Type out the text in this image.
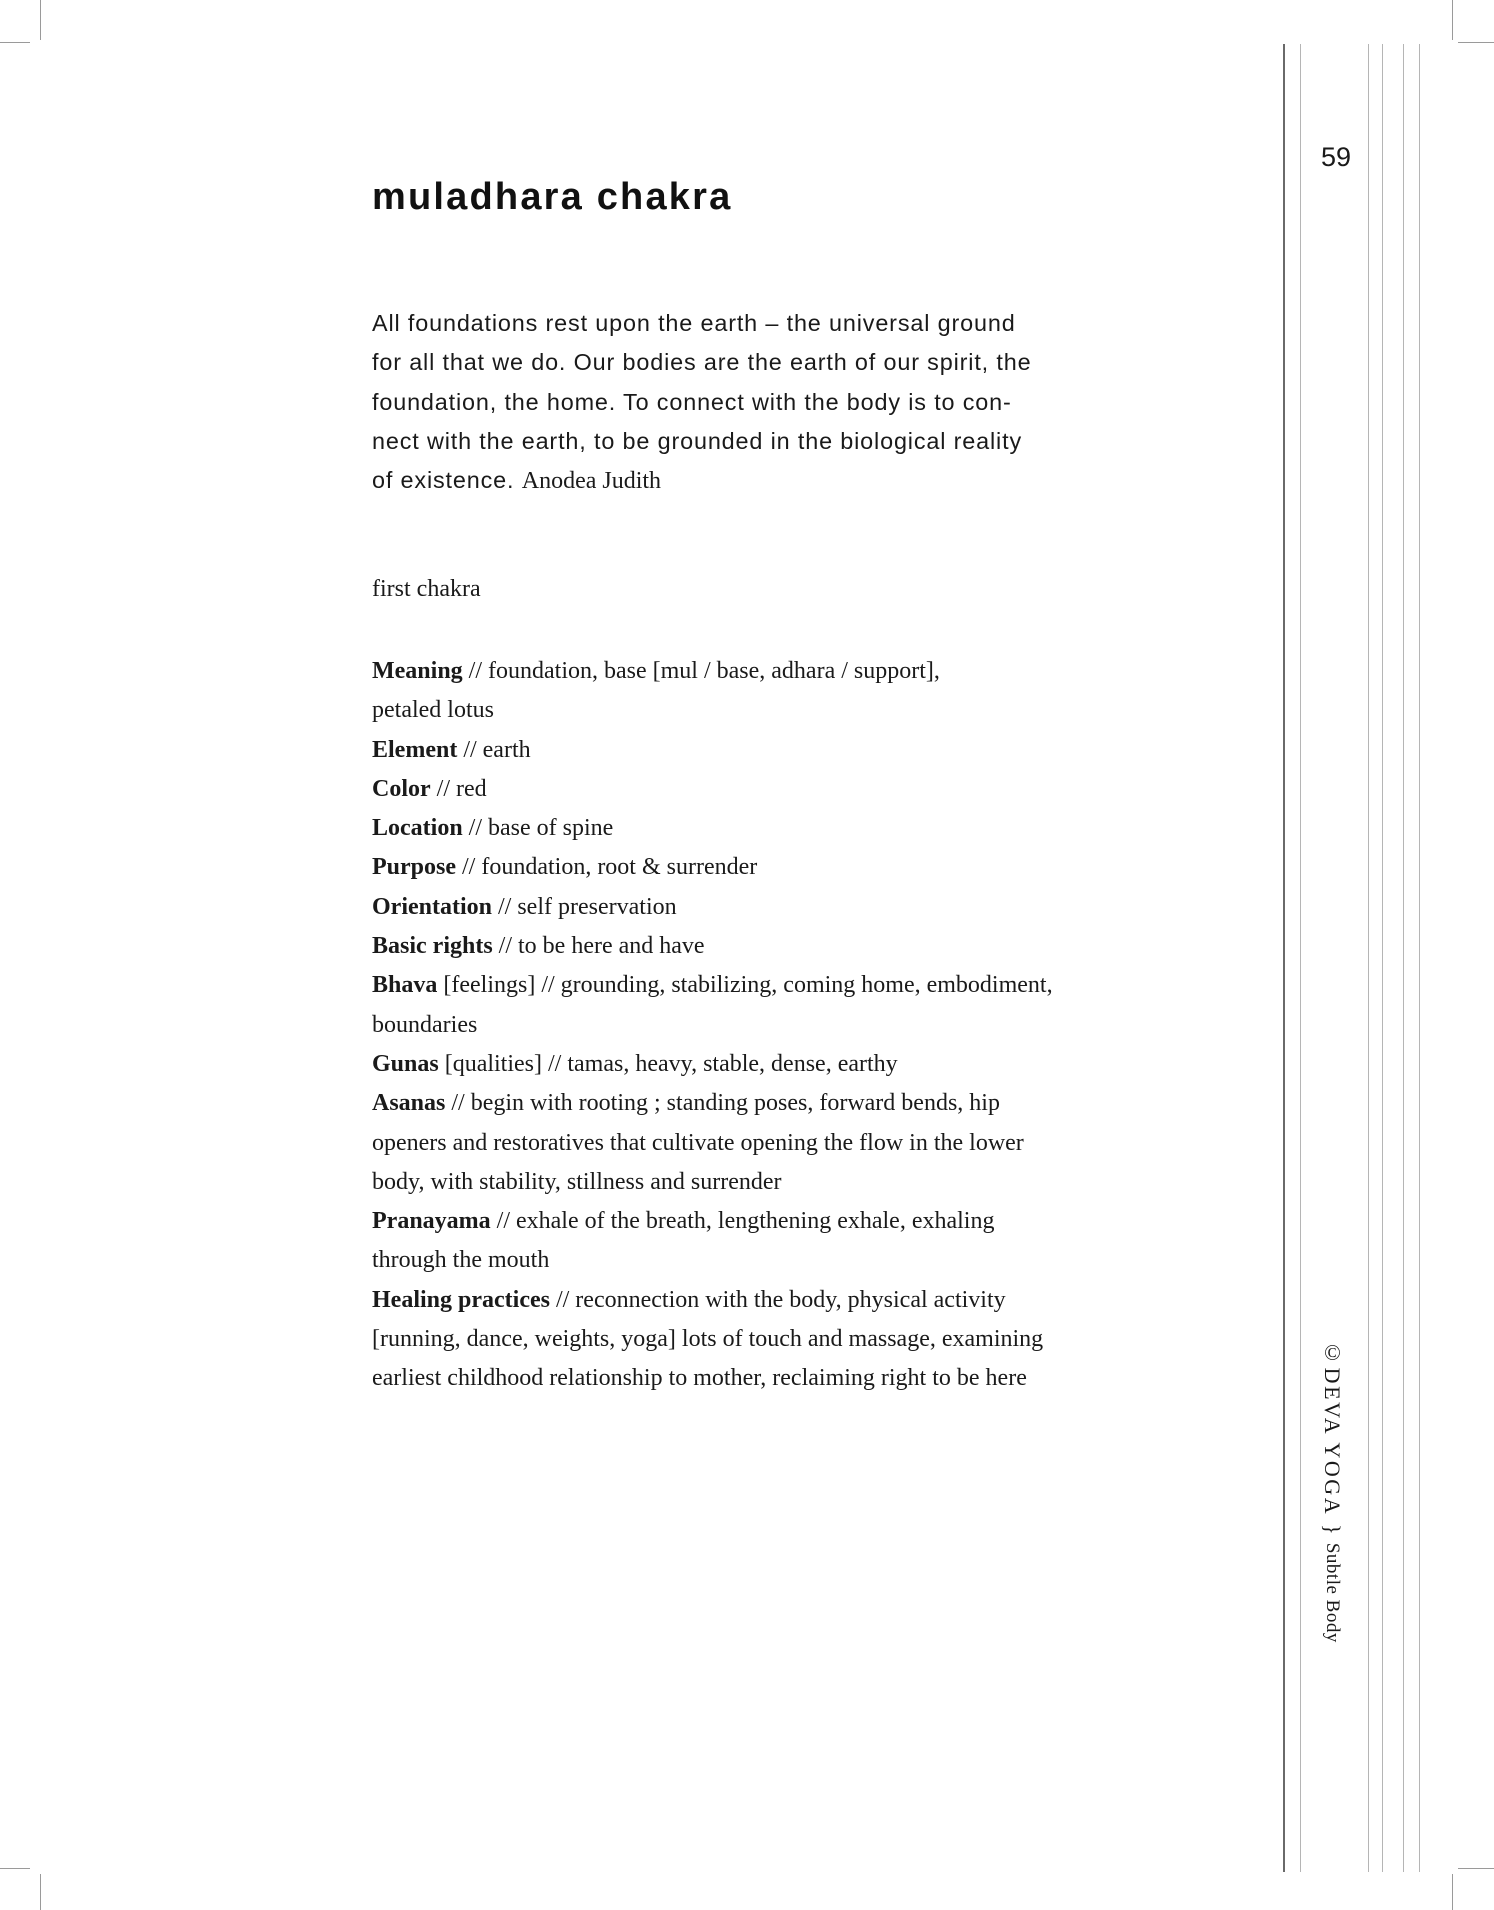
59
muladhara chakra
All foundations rest upon the earth – the universal ground
for all that we do. Our bodies are the earth of our spirit, the
foundation, the home. To connect with the body is to con-
nect with the earth, to be grounded in the biological reality
of existence. Anodea Judith
first chakra
Meaning // foundation, base [mul / base, adhara / support],
petaled lotus
Element // earth
Color // red
Location // base of spine
Purpose // foundation, root & surrender
Orientation // self preservation
Basic rights // to be here and have
Bhava [feelings] // grounding, stabilizing, coming home, embodiment,
boundaries
Gunas [qualities] // tamas, heavy, stable, dense, earthy
Asanas // begin with rooting ; standing poses, forward bends, hip
openers and restoratives that cultivate opening the flow in the lower
body, with stability, stillness and surrender
Pranayama // exhale of the breath, lengthening exhale, exhaling
through the mouth
Healing practices // reconnection with the body, physical activity
[running, dance, weights, yoga] lots of touch and massage, examining
earliest childhood relationship to mother, reclaiming right to be here	©DEVA YOGA}Subtle Body
